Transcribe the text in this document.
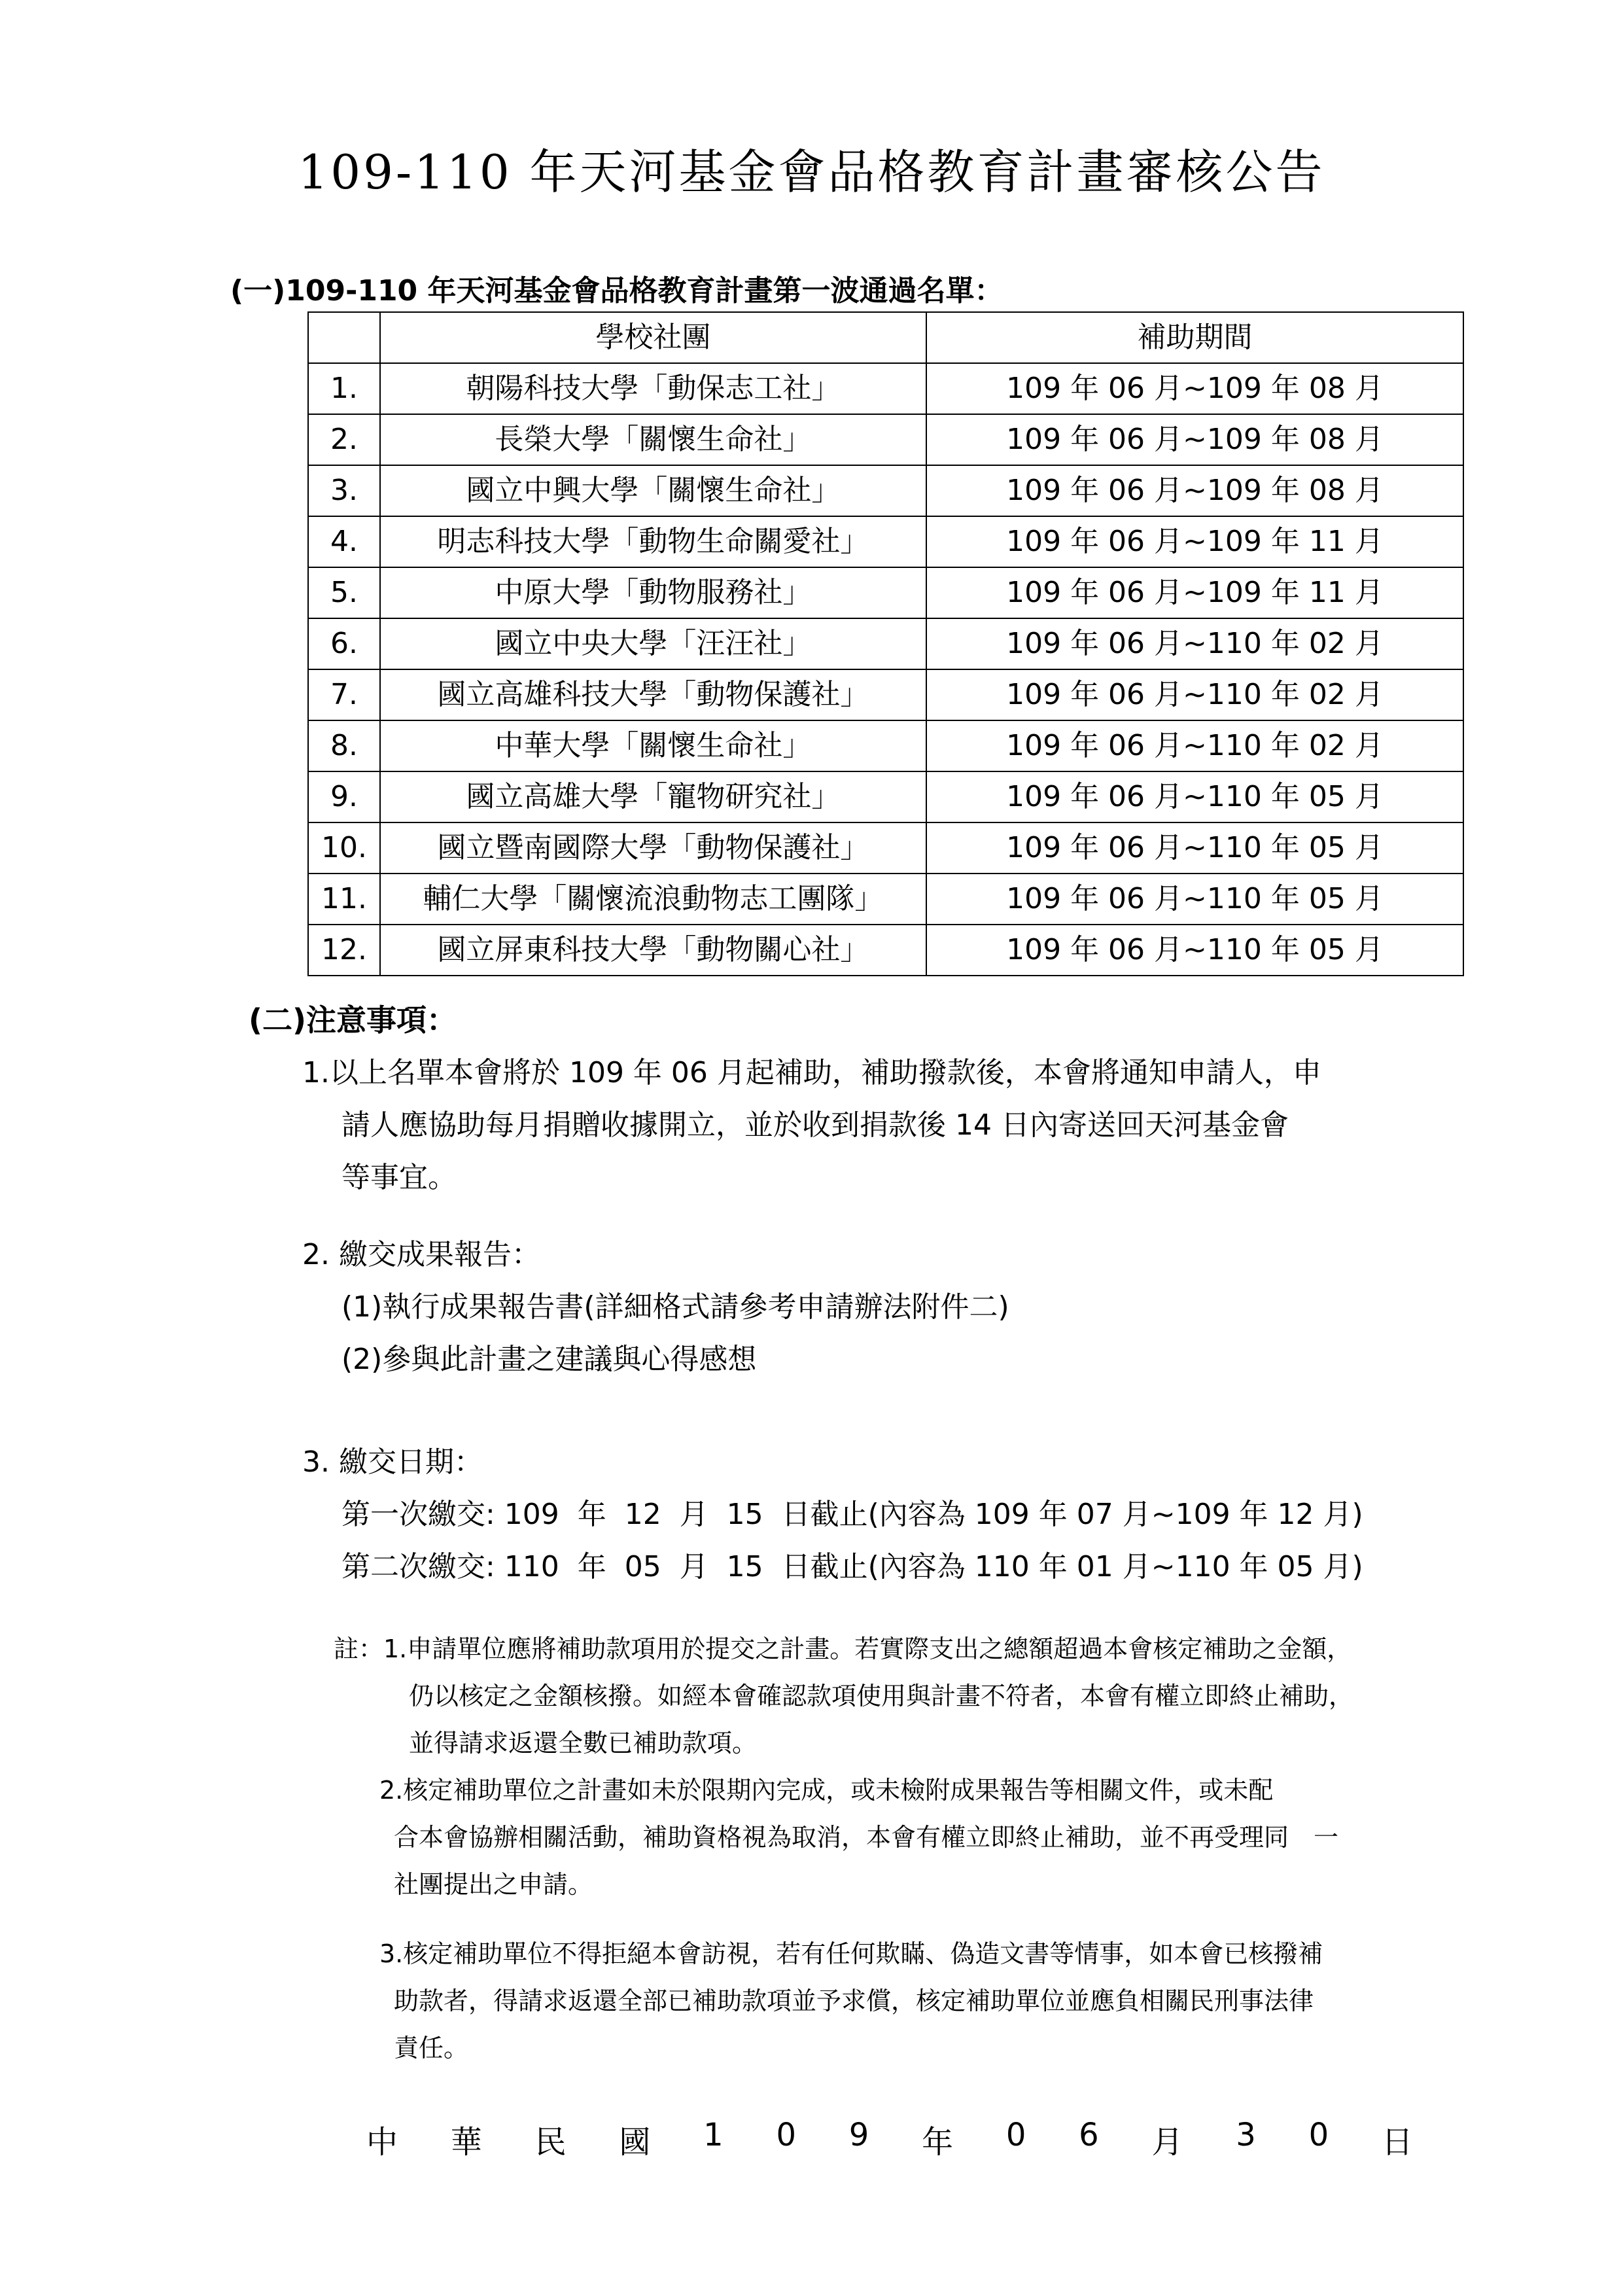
109-110 年天河基金會品格教育計畫審核公告
(一)109-110 年天河基金會品格教育計畫第一波通過名單：
	學校社團	補助期間
1.	朝陽科技大學「動保志工社」	109 年 06 月~109 年 08 月
2.	長榮大學「關懷生命社」	109 年 06 月~109 年 08 月
3.	國立中興大學「關懷生命社」	109 年 06 月~109 年 08 月
4.	明志科技大學「動物生命關愛社」	109 年 06 月~109 年 11 月
5.	中原大學「動物服務社」	109 年 06 月~109 年 11 月
6.	國立中央大學「汪汪社」	109 年 06 月~110 年 02 月
7.	國立高雄科技大學「動物保護社」	109 年 06 月~110 年 02 月
8.	中華大學「關懷生命社」	109 年 06 月~110 年 02 月
9.	國立高雄大學「寵物研究社」	109 年 06 月~110 年 05 月
10.	國立暨南國際大學「動物保護社」	109 年 06 月~110 年 05 月
11.	輔仁大學「關懷流浪動物志工團隊」	109 年 06 月~110 年 05 月
12.	國立屏東科技大學「動物關心社」	109 年 06 月~110 年 05 月
(二)注意事項：
1.以上名單本會將於 109 年 06 月起補助，補助撥款後，本會將通知申請人，申
請人應協助每月捐贈收據開立，並於收到捐款後 14 日內寄送回天河基金會
等事宜。
2. 繳交成果報告：
(1)執行成果報告書(詳細格式請參考申請辦法附件二)
(2)參與此計畫之建議與心得感想
3. 繳交日期：
第一次繳交: 109  年  12  月  15  日截止(內容為 109 年 07 月~109 年 12 月)
第二次繳交: 110  年  05  月  15  日截止(內容為 110 年 01 月~110 年 05 月)
註：1.申請單位應將補助款項用於提交之計畫。若實際支出之總額超過本會核定補助之金額，
仍以核定之金額核撥。如經本會確認款項使用與計畫不符者，本會有權立即終止補助，
並得請求返還全數已補助款項。
2.核定補助單位之計畫如未於限期內完成，或未檢附成果報告等相關文件，或未配
合本會協辦相關活動，補助資格視為取消，本會有權立即終止補助，並不再受理同　一
社團提出之申請。
3.核定補助單位不得拒絕本會訪視，若有任何欺瞞、偽造文書等情事，如本會已核撥補
助款者，得請求返還全部已補助款項並予求償，核定補助單位並應負相關民刑事法律
責任。
中 華 民 國 1 0 9 年 0 6 月 3 0 日
